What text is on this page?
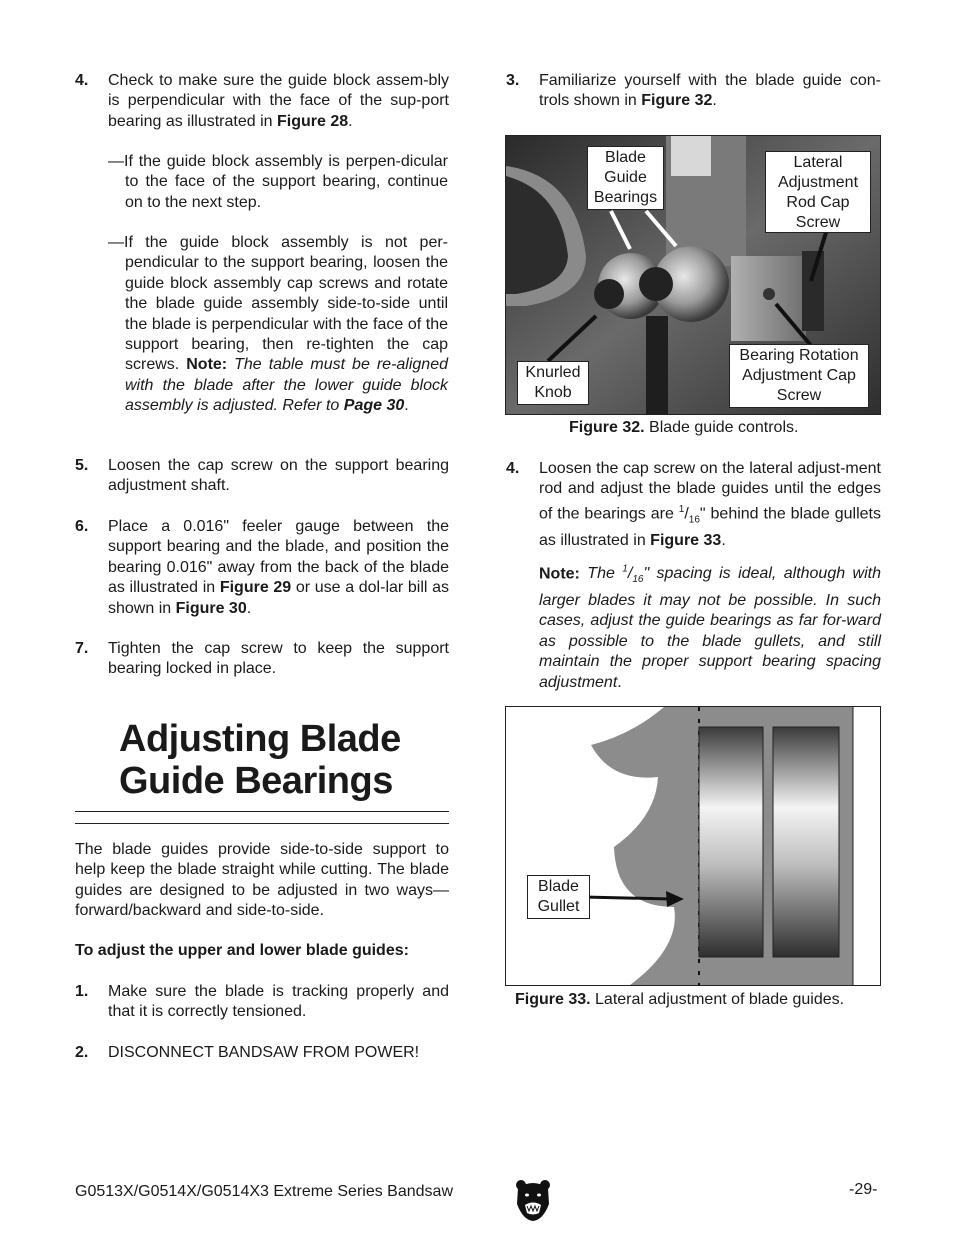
4. Check to make sure the guide block assem-bly is perpendicular with the face of the sup-port bearing as illustrated in Figure 28.
—If the guide block assembly is perpen-dicular to the face of the support bearing, continue on to the next step.
—If the guide block assembly is not per-pendicular to the support bearing, loosen the guide block assembly cap screws and rotate the blade guide assembly side-to-side until the blade is perpendicular with the face of the support bearing, then re-tighten the cap screws. Note: The table must be re-aligned with the blade after the lower guide block assembly is adjusted. Refer to Page 30.
5. Loosen the cap screw on the support bearing adjustment shaft.
6. Place a 0.016" feeler gauge between the support bearing and the blade, and position the bearing 0.016" away from the back of the blade as illustrated in Figure 29 or use a dol-lar bill as shown in Figure 30.
7. Tighten the cap screw to keep the support bearing locked in place.
Adjusting Blade
Guide Bearings
The blade guides provide side-to-side support to help keep the blade straight while cutting. The blade guides are designed to be adjusted in two ways—forward/backward and side-to-side.
To adjust the upper and lower blade guides:
1. Make sure the blade is tracking properly and that it is correctly tensioned.
2. DISCONNECT BANDSAW FROM POWER!
3. Familiarize yourself with the blade guide con-trols shown in Figure 32.
Blade Guide Bearings
Lateral Adjustment Rod Cap Screw
Knurled Knob
Bearing Rotation Adjustment Cap Screw
Figure 32. Blade guide controls.
4. Loosen the cap screw on the lateral adjust-ment rod and adjust the blade guides until the edges of the bearings are $^1/_{16}$" behind the blade gullets as illustrated in Figure 33.
Note: The $^1/_{16}$" spacing is ideal, although with larger blades it may not be possible. In such cases, adjust the guide bearings as far for-ward as possible to the blade gullets, and still maintain the proper support bearing spacing adjustment.
Blade Gullet
Figure 33. Lateral adjustment of blade guides.
G0513X/G0514X/G0514X3 Extreme Series Bandsaw	-29-
